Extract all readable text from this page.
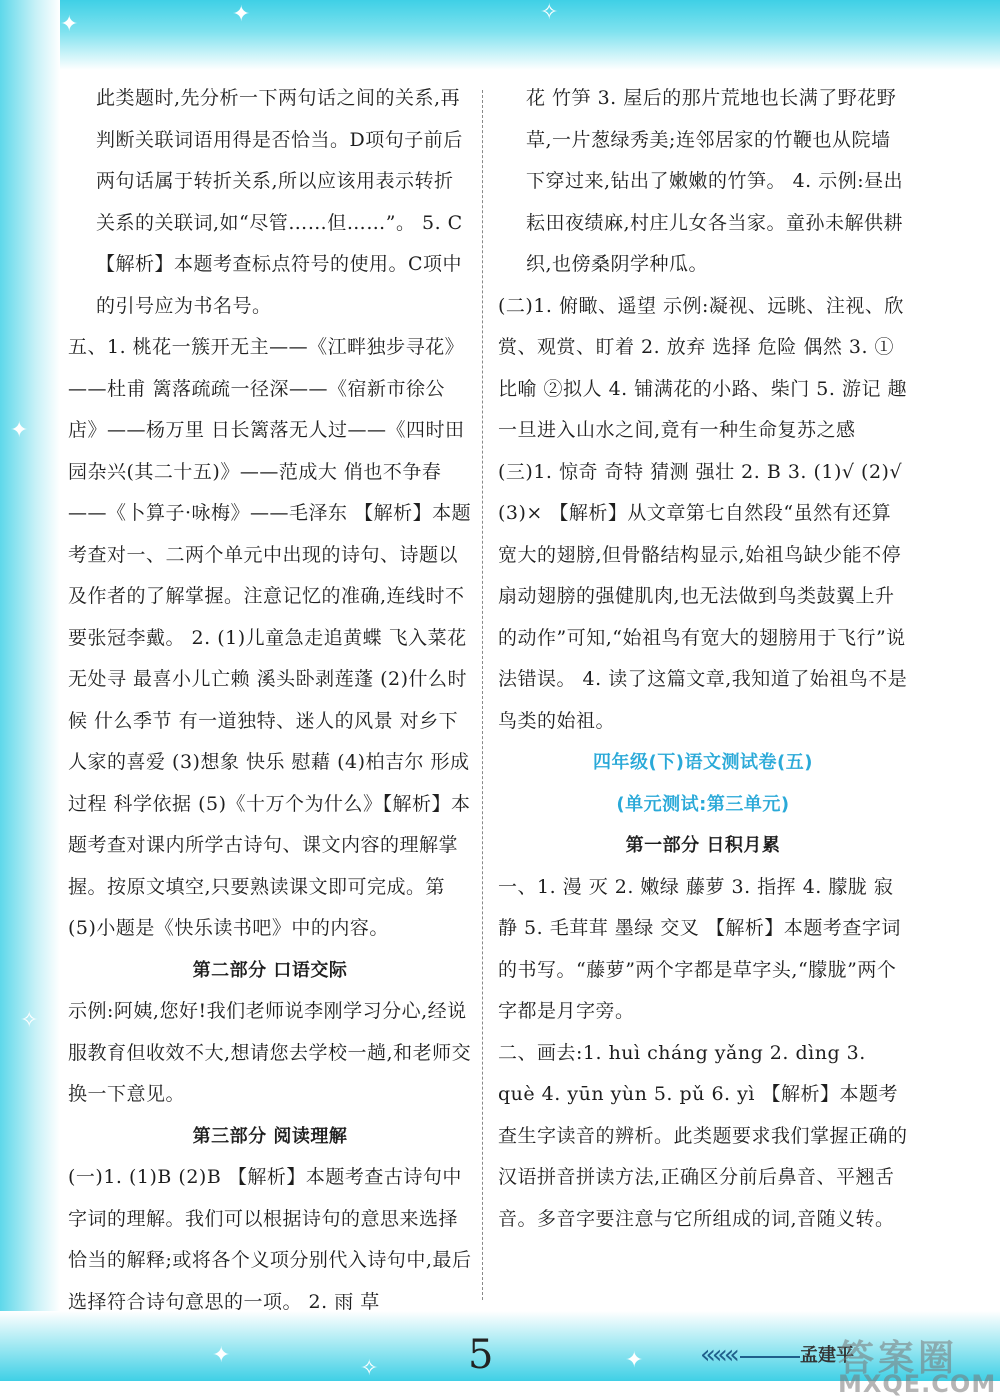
✦	✦	✧
✦
✧
✦
✧	✦

此类题时,先分析一下两句话之间的关系,再判断关联词语用得是否恰当。D项句子前后两句话属于转折关系,所以应该用表示转折关系的关联词,如“尽管……但……”。 5. C 【解析】本题考查标点符号的使用。C项中的引号应为书名号。

五、1. 桃花一簇开无主——《江畔独步寻花》——杜甫 篱落疏疏一径深——《宿新市徐公店》——杨万里 日长篱落无人过——《四时田园杂兴(其二十五)》——范成大 俏也不争春——《卜算子·咏梅》——毛泽东 【解析】本题考查对一、二两个单元中出现的诗句、诗题以及作者的了解掌握。注意记忆的准确,连线时不要张冠李戴。 2. (1)儿童急走追黄蝶 飞入菜花无处寻 最喜小儿亡赖 溪头卧剥莲蓬 (2)什么时候 什么季节 有一道独特、迷人的风景 对乡下人家的喜爱 (3)想象 快乐 慰藉 (4)柏吉尔 形成过程 科学依据 (5)《十万个为什么》【解析】本题考查对课内所学古诗句、课文内容的理解掌握。按原文填空,只要熟读课文即可完成。第(5)小题是《快乐读书吧》中的内容。

第二部分 口语交际

示例:阿姨,您好!我们老师说李刚学习分心,经说服教育但收效不大,想请您去学校一趟,和老师交换一下意见。

第三部分 阅读理解

(一)1. (1)B (2)B 【解析】本题考查古诗句中字词的理解。我们可以根据诗句的意思来选择恰当的解释;或将各个义项分别代入诗句中,最后选择符合诗句意思的一项。 2. 雨 草

花 竹笋 3. 屋后的那片荒地也长满了野花野草,一片葱绿秀美;连邻居家的竹鞭也从院墙下穿过来,钻出了嫩嫩的竹笋。 4. 示例:昼出耘田夜绩麻,村庄儿女各当家。童孙未解供耕织,也傍桑阴学种瓜。

(二)1. 俯瞰、遥望 示例:凝视、远眺、注视、欣赏、观赏、盯着 2. 放弃 选择 危险 偶然 3. ①比喻 ②拟人 4. 铺满花的小路、柴门 5. 游记 趣 一旦进入山水之间,竟有一种生命复苏之感

(三)1. 惊奇 奇特 猜测 强壮 2. B 3. (1)√ (2)√ (3)× 【解析】从文章第七自然段“虽然有还算宽大的翅膀,但骨骼结构显示,始祖鸟缺少能不停扇动翅膀的强健肌肉,也无法做到鸟类鼓翼上升的动作”可知,“始祖鸟有宽大的翅膀用于飞行”说法错误。 4. 读了这篇文章,我知道了始祖鸟不是鸟类的始祖。

四年级(下)语文测试卷(五)
(单元测试:第三单元)
第一部分 日积月累

一、1. 漫 灭 2. 嫩绿 藤萝 3. 指挥 4. 朦胧 寂静 5. 毛茸茸 墨绿 交叉 【解析】本题考查字词的书写。“藤萝”两个字都是草字头,“朦胧”两个字都是月字旁。

二、画去:1. huì cháng yǎng 2. dìng 3. què 4. yūn yùn 5. pǔ 6. yì 【解析】本题考查生字读音的辨析。此类题要求我们掌握正确的汉语拼音拼读方法,正确区分前后鼻音、平翘舌音。多音字要注意与它所组成的词,音随义转。

5	«««	孟建平
答案圈
MXQE.COM
